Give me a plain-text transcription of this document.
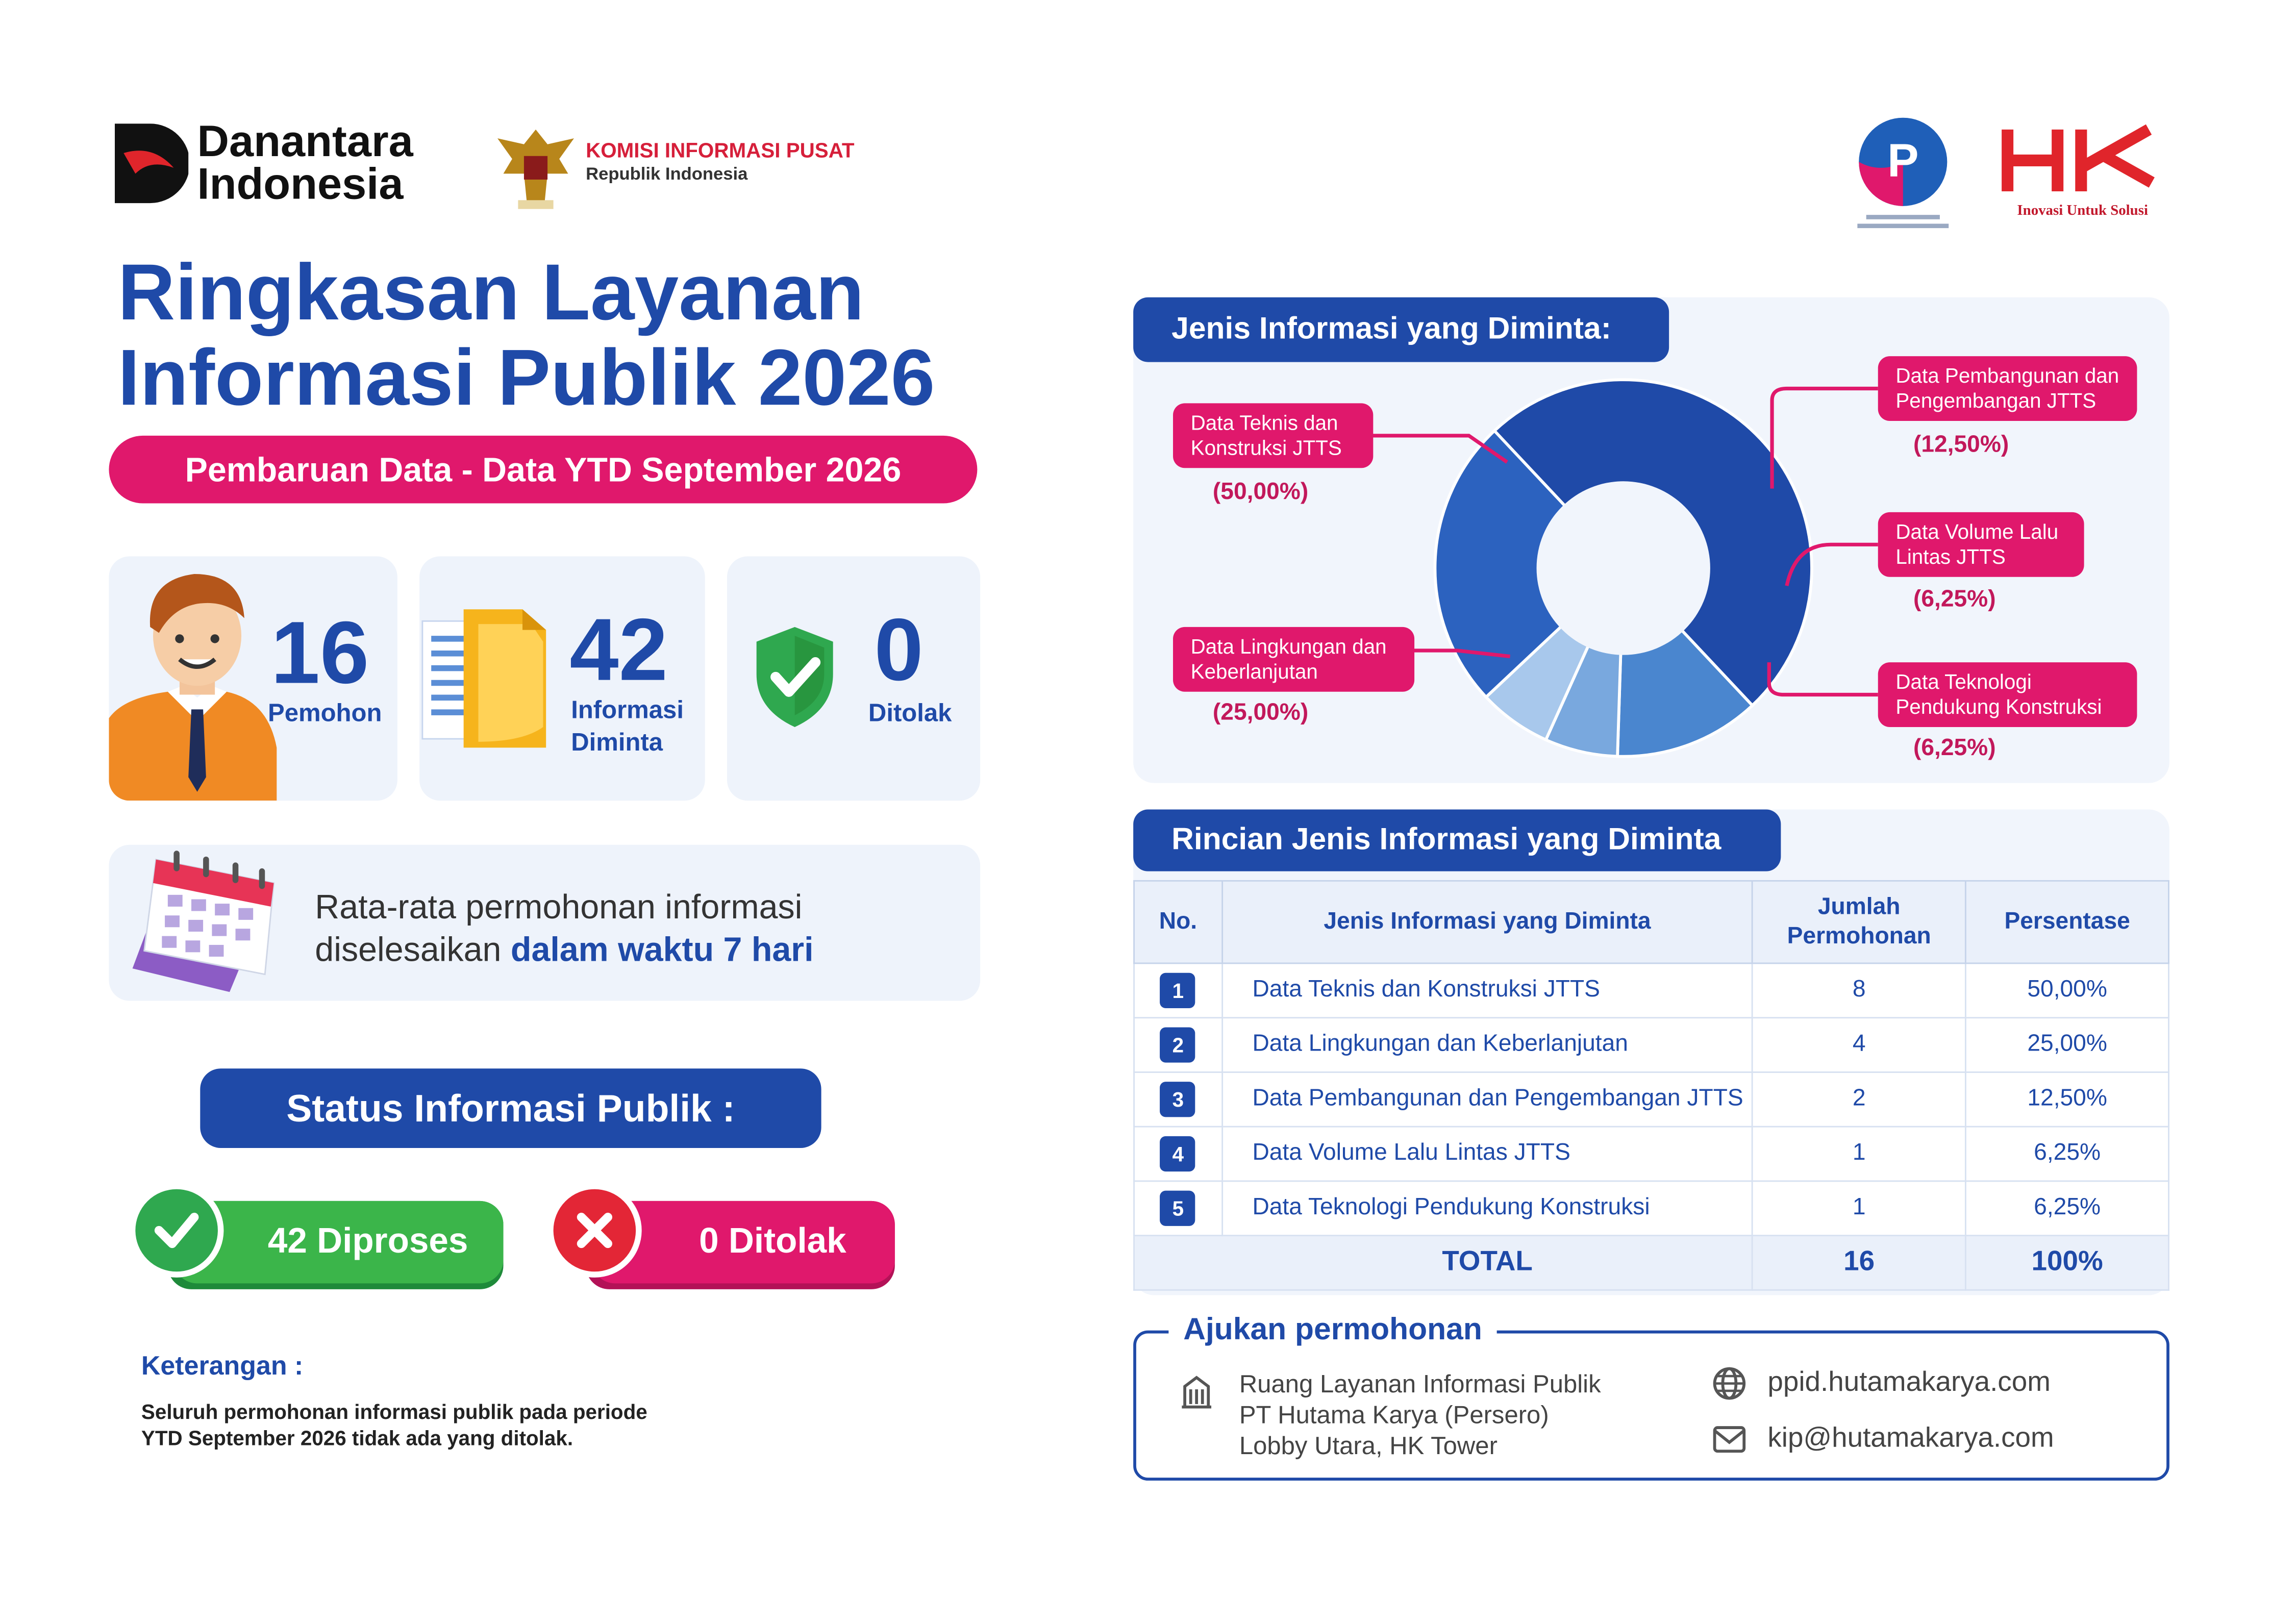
Danantara
Indonesia
KOMISI INFORMASI PUSAT
Republik Indonesia	P
Inovasi Untuk Solusi
Ringkasan Layanan
Informasi Publik 2026
Pembaruan Data - Data YTD September 2026
16
Pemohon
42
Informasi Diminta
0
Ditolak
Rata-rata permohonan informasi diselesaikan dalam waktu 7 hari
Status Informasi Publik :
42 Diproses	0 Ditolak
Keterangan :
Seluruh permohonan informasi publik pada periode YTD September 2026 tidak ada yang ditolak.
Jenis Informasi yang Diminta:
Data Teknis dan Konstruksi JTTS
(50,00%)
Data Lingkungan dan Keberlanjutan
(25,00%)
Data Pembangunan dan Pengembangan JTTS
(12,50%)
Data Volume Lalu Lintas JTTS
(6,25%)
Data Teknologi Pendukung Konstruksi
(6,25%)
Rincian Jenis Informasi yang Diminta
No.	Jenis Informasi yang Diminta	Jumlah Permohonan	Persentase
1	Data Teknis dan Konstruksi JTTS	8	50,00%
2	Data Lingkungan dan Keberlanjutan	4	25,00%
3	Data Pembangunan dan Pengembangan JTTS	2	12,50%
4	Data Volume Lalu Lintas JTTS	1	6,25%
5	Data Teknologi Pendukung Konstruksi	1	6,25%
TOTAL		16	100%
Ajukan permohonan
Ruang Layanan Informasi Publik
PT Hutama Karya (Persero)
Lobby Utara, HK Tower
ppid.hutamakarya.com
kip@hutamakarya.com
